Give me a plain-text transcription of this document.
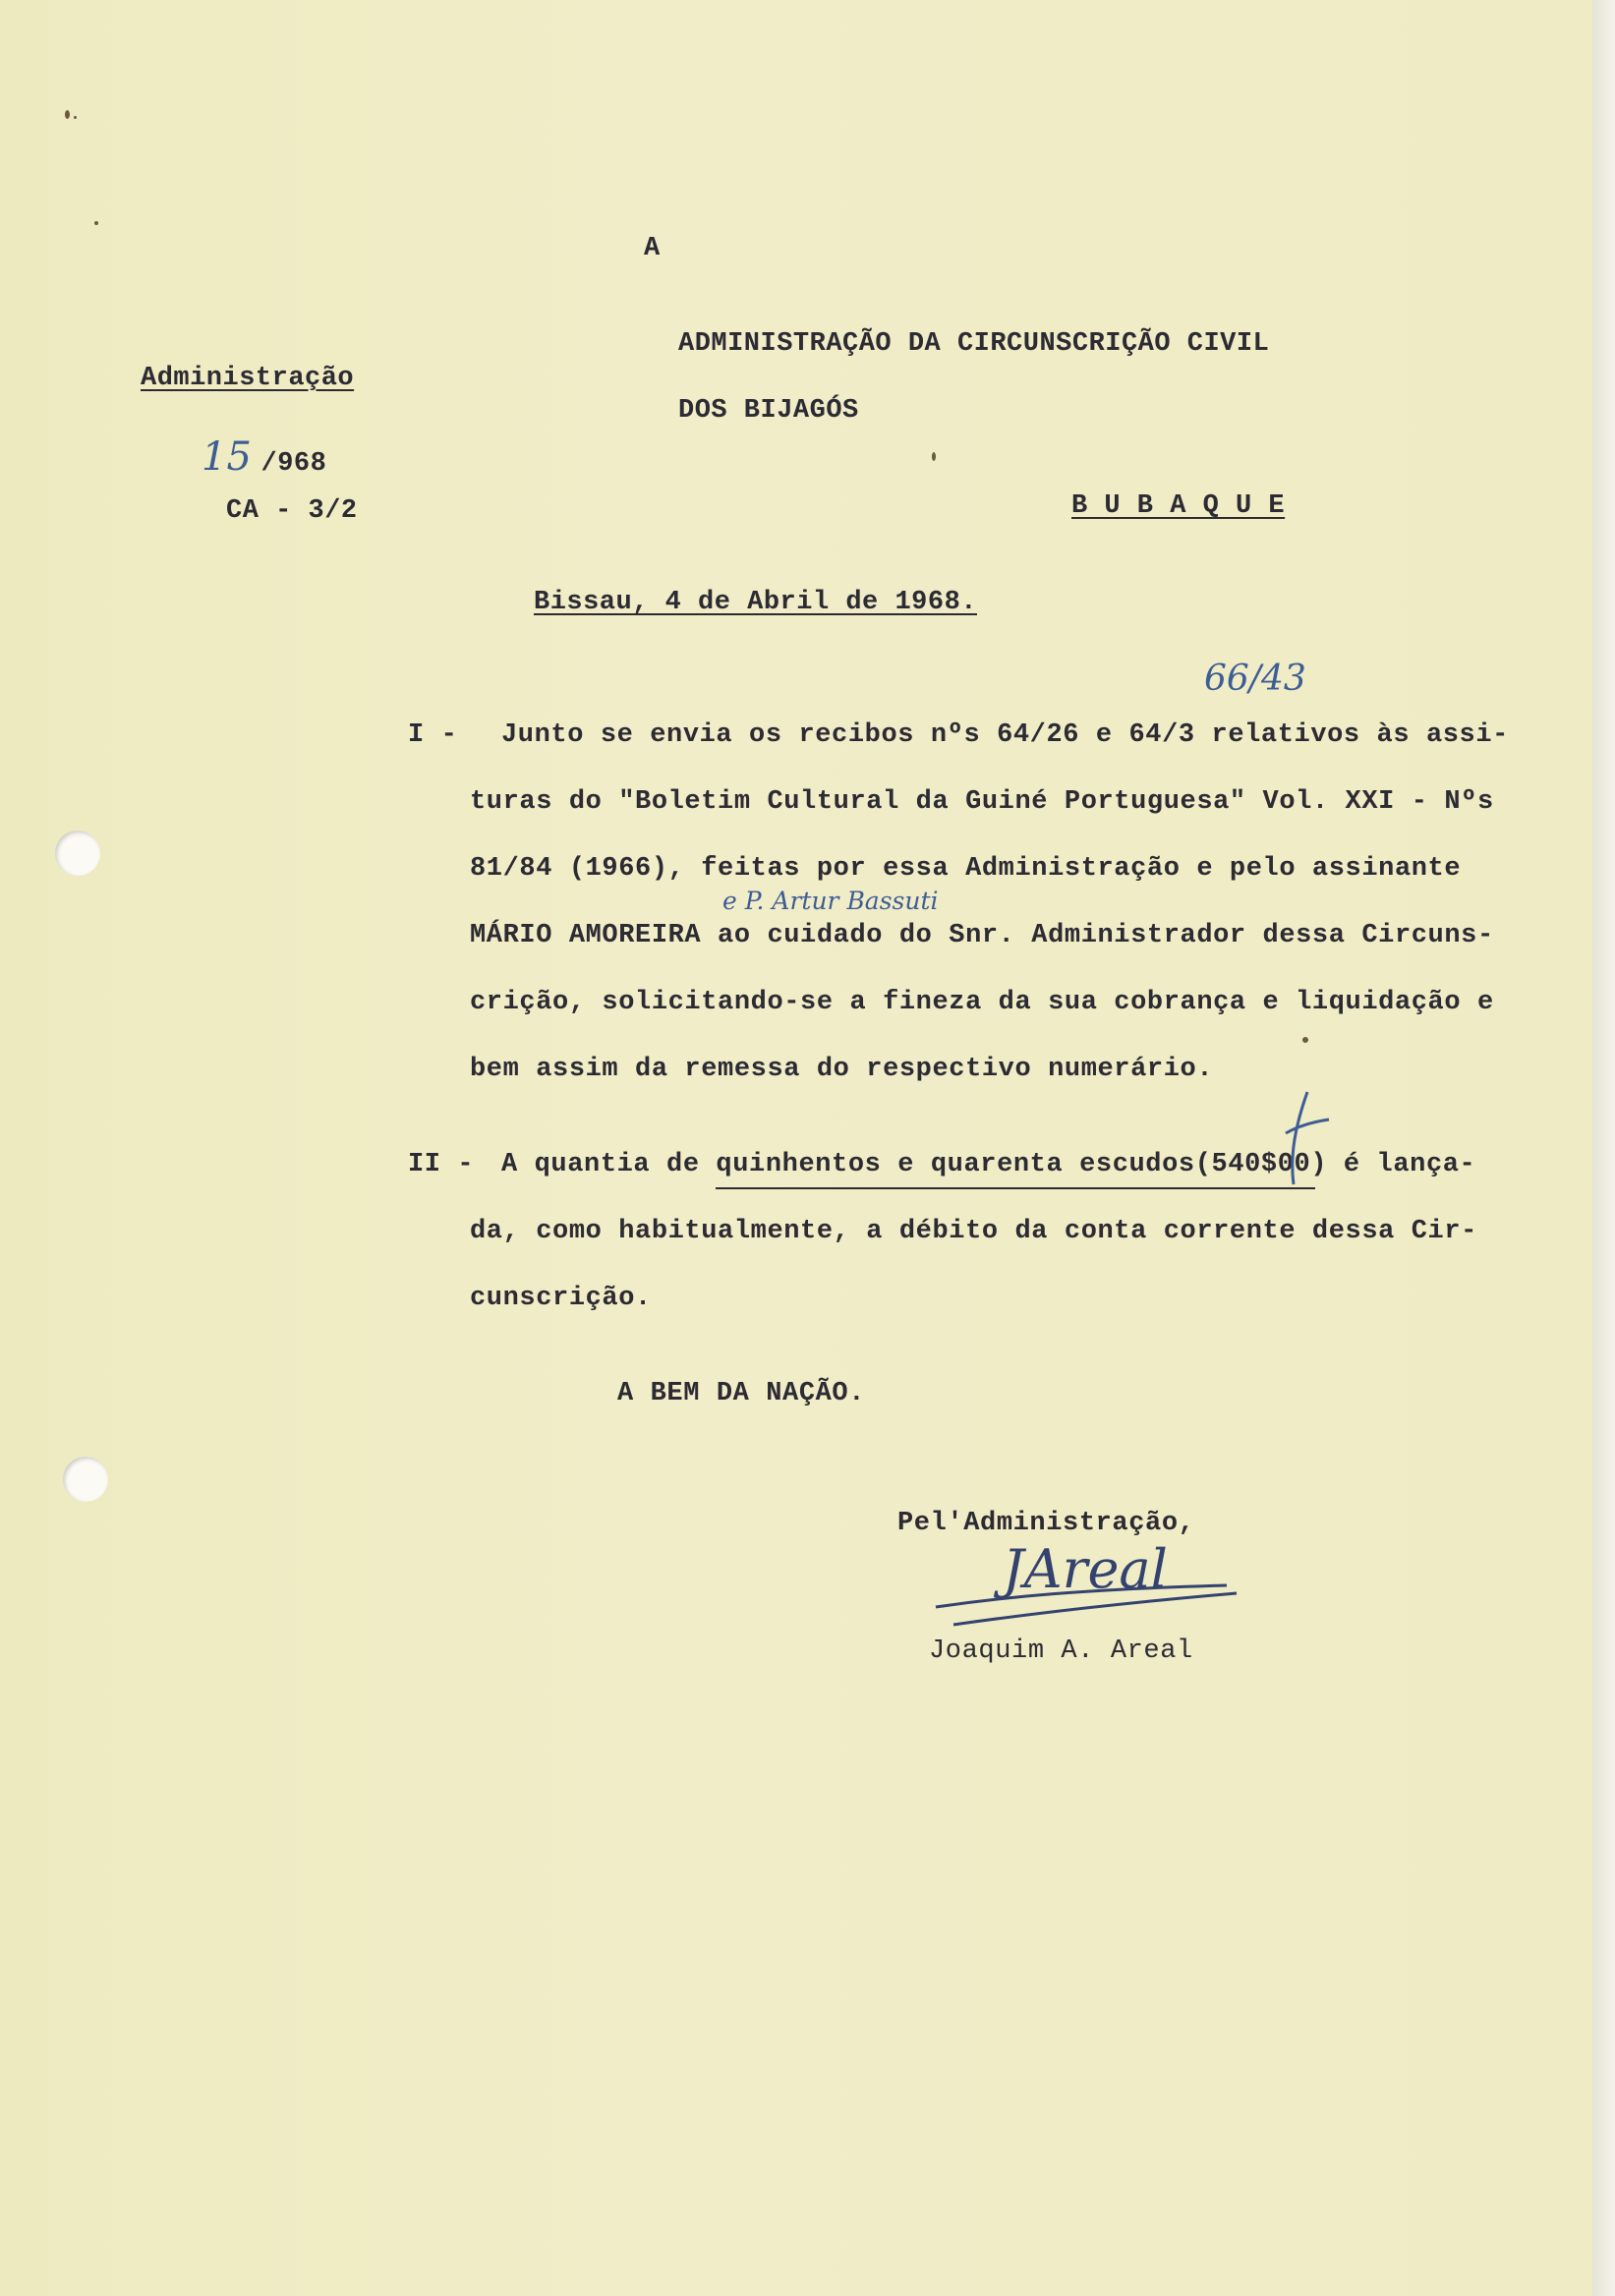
A
ADMINISTRAÇÃO DA CIRCUNSCRIÇÃO CIVIL
DOS BIJAGÓS
B U B A Q U E
Administração
15 /968
CA - 3/2
Bissau, 4 de Abril de 1968.
66/43
I - Junto se envia os recibos nºs 64/26 e 64/3 relativos às assi-
turas do "Boletim Cultural da Guiné Portuguesa" Vol. XXI - Nºs
81/84 (1966), feitas por essa Administração e pelo assinante
e P. Artur Bassuti
MÁRIO AMOREIRA ao cuidado do Snr. Administrador dessa Circuns-
crição, solicitando-se a fineza da sua cobrança e liquidação e
bem assim da remessa do respectivo numerário.
II - A quantia de quinhentos e quarenta escudos(540$00) é lança-
da, como habitualmente, a débito da conta corrente dessa Cir-
cunscrição.
A BEM DA NAÇÃO.
Pel'Administração,
JAreal
Joaquim A. Areal
